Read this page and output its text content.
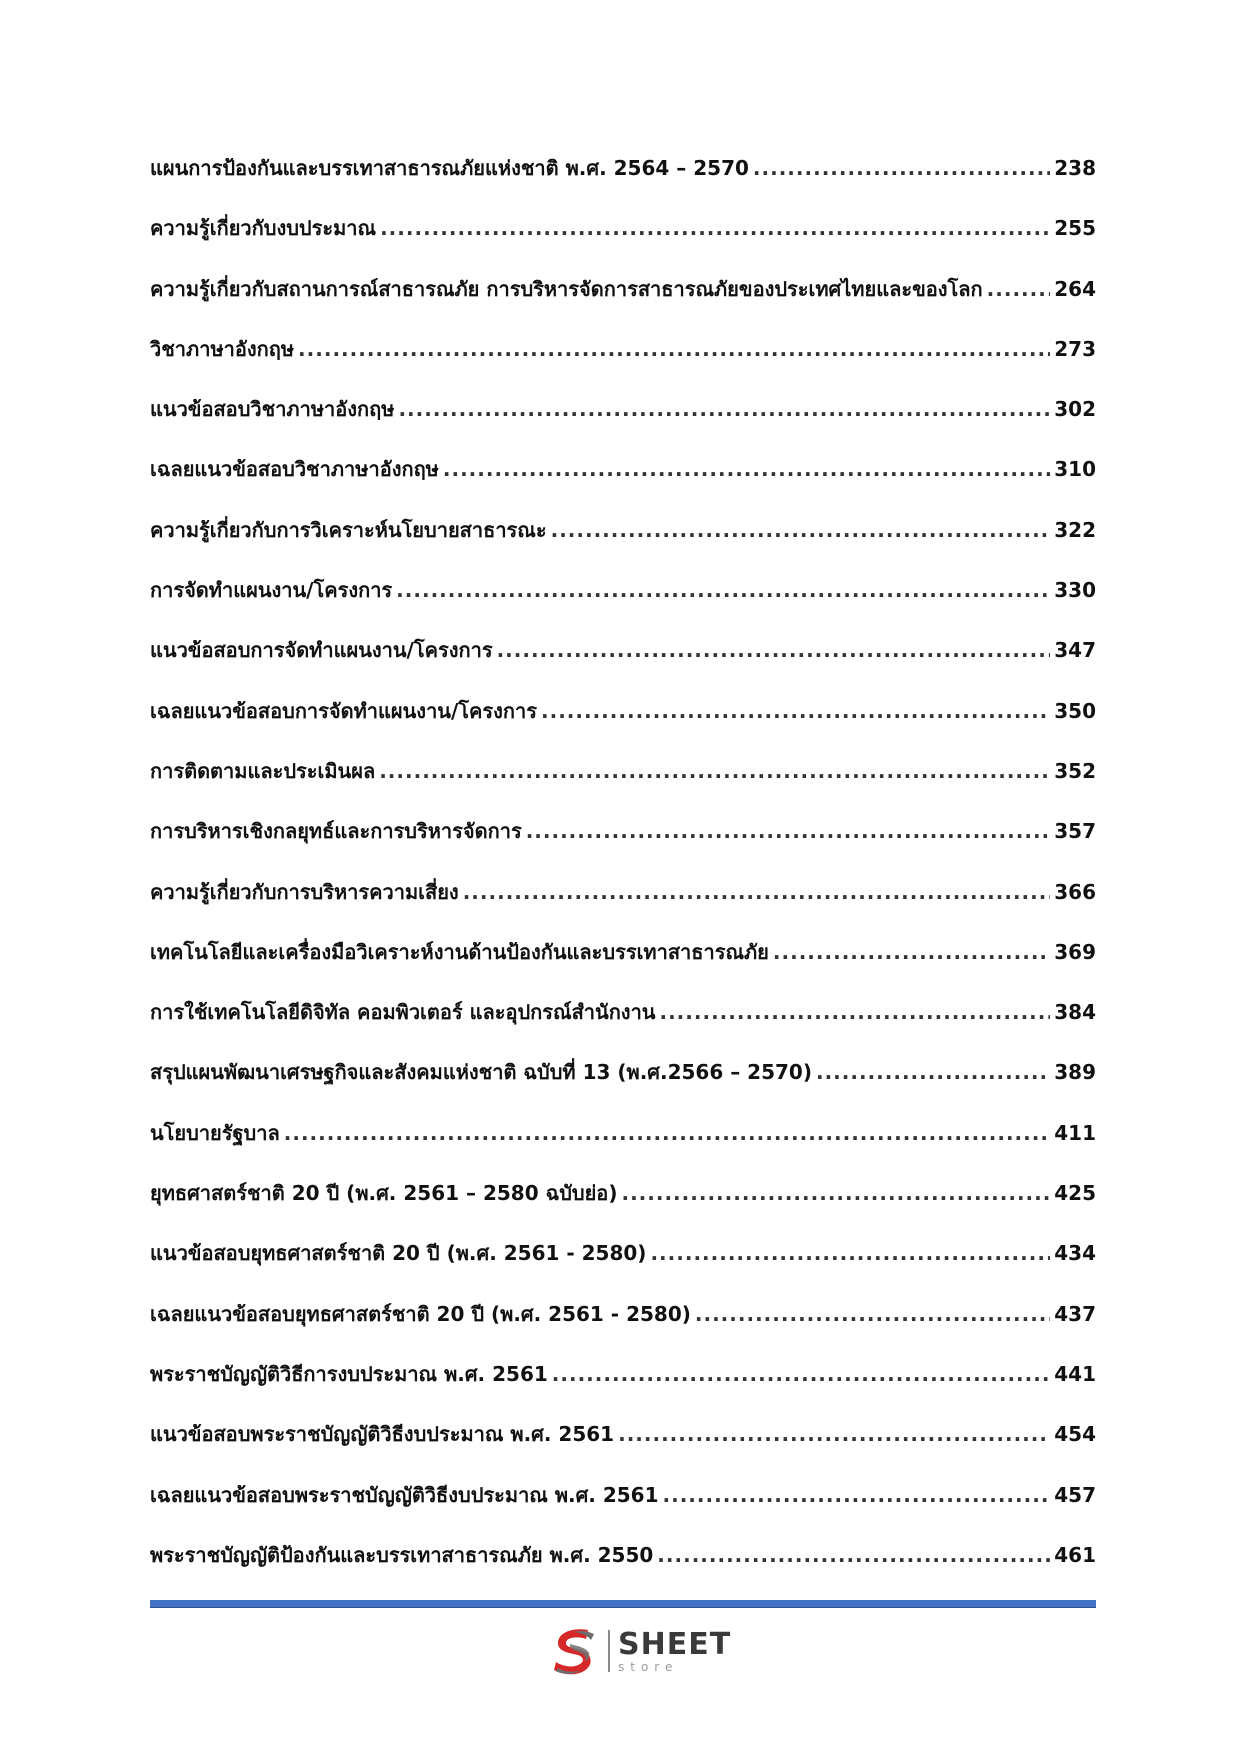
แผนการป้องกันและบรรเทาสาธารณภัยแห่งชาติ พ.ศ. 2564 – 2570 .....	238
ความรู้เกี่ยวกับงบประมาณ .....	255
ความรู้เกี่ยวกับสถานการณ์สาธารณภัย การบริหารจัดการสาธารณภัยของประเทศไทยและของโลก .....	264
วิชาภาษาอังกฤษ .....	273
แนวข้อสอบวิชาภาษาอังกฤษ .....	302
เฉลยแนวข้อสอบวิชาภาษาอังกฤษ .....	310
ความรู้เกี่ยวกับการวิเคราะห์นโยบายสาธารณะ .....	322
การจัดทำแผนงาน/โครงการ .....	330
แนวข้อสอบการจัดทำแผนงาน/โครงการ .....	347
เฉลยแนวข้อสอบการจัดทำแผนงาน/โครงการ .....	350
การติดตามและประเมินผล .....	352
การบริหารเชิงกลยุทธ์และการบริหารจัดการ .....	357
ความรู้เกี่ยวกับการบริหารความเสี่ยง .....	366
เทคโนโลยีและเครื่องมือวิเคราะห์งานด้านป้องกันและบรรเทาสาธารณภัย .....	369
การใช้เทคโนโลยีดิจิทัล คอมพิวเตอร์ และอุปกรณ์สำนักงาน .....	384
สรุปแผนพัฒนาเศรษฐกิจและสังคมแห่งชาติ ฉบับที่ 13 (พ.ศ.2566 – 2570) .....	389
นโยบายรัฐบาล .....	411
ยุทธศาสตร์ชาติ 20 ปี (พ.ศ. 2561 – 2580 ฉบับย่อ) .....	425
แนวข้อสอบยุทธศาสตร์ชาติ 20 ปี (พ.ศ. 2561 - 2580) .....	434
เฉลยแนวข้อสอบยุทธศาสตร์ชาติ 20 ปี (พ.ศ. 2561 - 2580) .....	437
พระราชบัญญัติวิธีการงบประมาณ พ.ศ. 2561 .....	441
แนวข้อสอบพระราชบัญญัติวิธีงบประมาณ พ.ศ. 2561 .....	454
เฉลยแนวข้อสอบพระราชบัญญัติวิธีงบประมาณ พ.ศ. 2561 .....	457
พระราชบัญญัติป้องกันและบรรเทาสาธารณภัย พ.ศ. 2550 .....	461
SHEET
store
